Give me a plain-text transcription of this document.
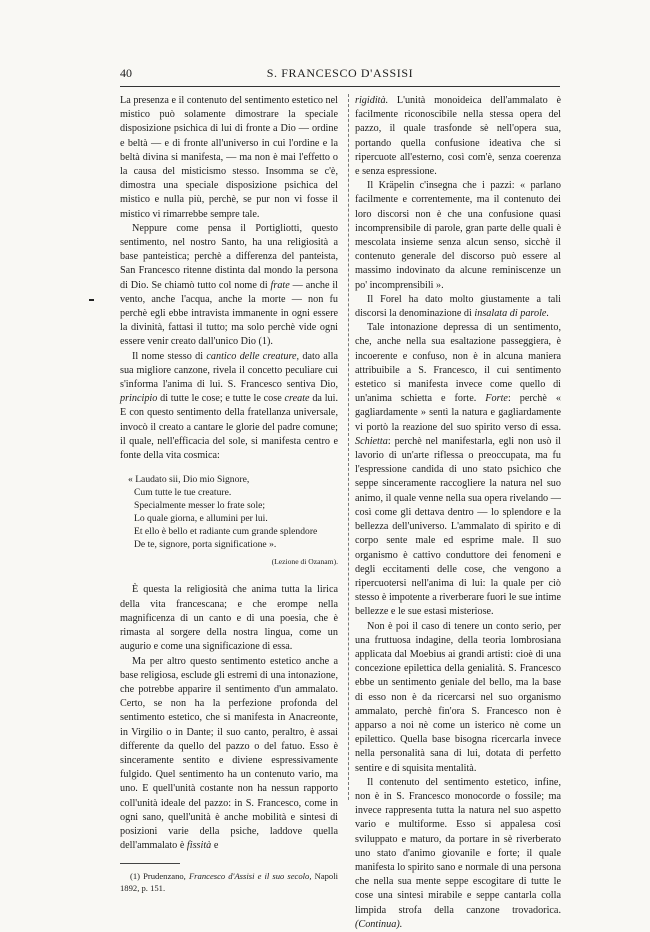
40	S. FRANCESCO D'ASSISI

La presenza e il contenuto del sentimento estetico nel mistico può solamente dimostrare la speciale disposizione psichica di lui di fronte a Dio — ordine e beltà — e di fronte all'universo in cui l'ordine e la beltà divina si manifesta, — ma non è mai l'effetto o la causa del misticismo stesso. Insomma se c'è, dimostra una speciale disposizione psichica del mistico e nulla più, perchè, se pur non vi fosse il mistico vi rimarrebbe sempre tale.

Neppure come pensa il Portigliotti, questo sentimento, nel nostro Santo, ha una religiosità a base panteistica; perchè a differenza del panteista, San Francesco ritenne distinta dal mondo la persona di Dio. Se chiamò tutto col nome di frate — anche il vento, anche l'acqua, anche la morte — non fu perchè egli ebbe intravista immanente in ogni essere la divinità, fattasi il tutto; ma solo perchè vide ogni essere venir creato dall'unico Dio (1).

Il nome stesso di cantico delle creature, dato alla sua migliore canzone, rivela il concetto peculiare cui s'informa l'anima di lui. S. Francesco sentiva Dio, principio di tutte le cose; e tutte le cose create da lui. E con questo sentimento della fratellanza universale, invocò il creato a cantare le glorie del padre comune; il quale, nell'efficacia del sole, si manifesta centro e fonte della vita cosmica:

« Laudato sii, Dio mio Signore,
Cum tutte le tue creature.
Specialmente messer lo frate sole;
Lo quale giorna, e allumini per lui.
Et ello è bello et radiante cum grande splendore
De te, signore, porta significatione ».

(Lezione di Ozanam).

È questa la religiosità che anima tutta la lirica della vita francescana; e che erompe nella magnificenza di un canto e di una poesia, che è rimasta al sorgere della nostra lingua, come un augurio e come una significazione di essa.

Ma per altro questo sentimento estetico anche a base religiosa, esclude gli estremi di una intonazione, che potrebbe apparire il sentimento d'un ammalato. Certo, se non ha la perfezione profonda del sentimento estetico, che si manifesta in Anacreonte, in Virgilio o in Dante; il suo canto, peraltro, è assai differente da quello del pazzo o del fatuo. Esso è sinceramente sentito e diviene espressivamente fulgido. Quel sentimento ha un contenuto vario, ma uno. E quell'unità costante non ha nessun rapporto coll'unità ideale del pazzo: in S. Francesco, come in ogni sano, quell'unità è anche mobilità e sintesi di posizioni varie della psiche, laddove quella dell'ammalato è fissità e

(1) Prudenzano, Francesco d'Assisi e il suo secolo, Napoli 1892, p. 151.

rigidità. L'unità monoideica dell'ammalato è facilmente riconoscibile nella stessa opera del pazzo, il quale trasfonde sè nell'opera sua, portando quella confusione ideativa che si ripercuote all'esterno, così com'è, senza coerenza e senza espressione.

Il Kräpelin c'insegna che i pazzi: « parlano facilmente e correntemente, ma il contenuto dei loro discorsi non è che una confusione quasi incomprensibile di parole, gran parte delle quali è mescolata insieme senza alcun senso, sicchè il contenuto generale del discorso può essere al massimo indovinato da alcune reminiscenze un po' incomprensibili ».

Il Forel ha dato molto giustamente a tali discorsi la denominazione di insalata di parole.

Tale intonazione depressa di un sentimento, che, anche nella sua esaltazione passeggiera, è incoerente e confuso, non è in alcuna maniera attribuibile a S. Francesco, il cui sentimento estetico si manifesta invece come quello di un'anima schietta e forte. Forte: perchè « gagliardamente » sentì la natura e gagliardamente vi portò la reazione del suo spirito verso di essa. Schietta: perchè nel manifestarla, egli non usò il lavorio di un'arte riflessa o preoccupata, ma fu l'espressione candida di uno stato psichico che seppe sinceramente raccogliere la natura nel suo animo, il quale venne nella sua opera rivelando — così come gli dettava dentro — lo splendore e la bellezza dell'universo. L'ammalato di spirito e di corpo sente male ed esprime male. Il suo organismo è cattivo conduttore dei fenomeni e degli eccitamenti delle cose, che vengono a ripercuotersi nell'anima di lui: la quale per ciò stesso è impotente a riverberare fuori le sue intime bellezze e le sue estasi misteriose.

Non è poi il caso di tenere un conto serio, per una fruttuosa indagine, della teoria lombrosiana applicata dal Moebius ai grandi artisti: cioè di una concezione epilettica della genialità. S. Francesco ebbe un sentimento geniale del bello, ma la base di esso non è da ricercarsi nel suo organismo ammalato, perchè fin'ora S. Francesco non è apparso a noi nè come un isterico nè come un epilettico. Quella base bisogna ricercarla invece nella personalità sana di lui, dotata di perfetto sentire e di squisita mentalità.

Il contenuto del sentimento estetico, infine, non è in S. Francesco monocorde o fossile; ma invece rappresenta tutta la natura nel suo aspetto vario e multiforme. Esso si appalesa così sviluppato e maturo, da portare in sè riverberato uno stato d'animo giovanile e forte; il quale manifesta lo spirito sano e normale di una persona che nella sua mente seppe escogitare di tutte le cose una sintesi mirabile e seppe cantarla colla limpida strofa della canzone trovadorica. (Continua).
